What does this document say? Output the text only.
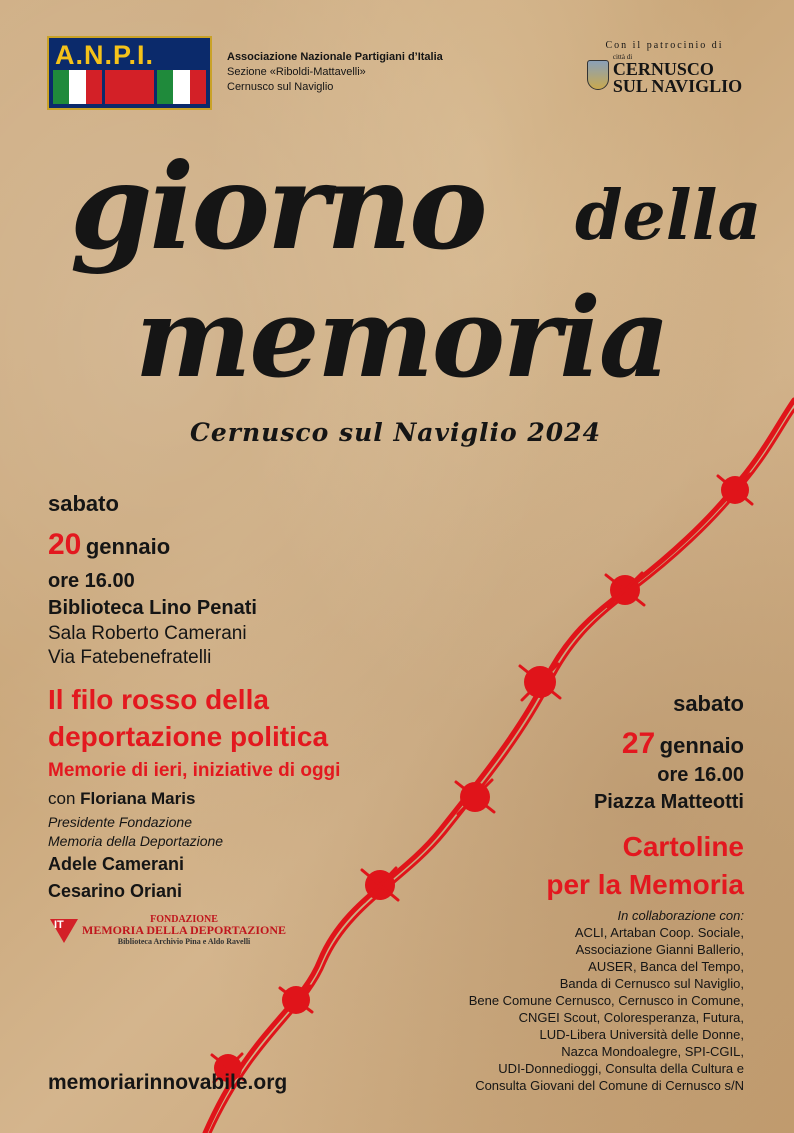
A.N.P.I.	Associazione Nazionale Partigiani d’Italia
Sezione «Riboldi-Mattavelli»
Cernusco sul Naviglio
Con il patrocinio di
città di
CERNUSCO
SUL NAVIGLIO
giorno della
memoria
Cernusco sul Naviglio 2024
sabato
20 gennaio
ore 16.00
Biblioteca Lino Penati
Sala Roberto Camerani
Via Fatebenefratelli
Il filo rosso della
deportazione politica
Memorie di ieri, iniziative di oggi
con Floriana Maris
Presidente Fondazione
Memoria della Deportazione
Adele Camerani
Cesarino Oriani
IT	FONDAZIONE
MEMORIA DELLA DEPORTAZIONE
Biblioteca Archivio Pina e Aldo Ravelli
memoriarinnovabile.org
sabato
27 gennaio
ore 16.00
Piazza Matteotti
Cartoline
per la Memoria
In collaborazione con:
ACLI, Artaban Coop. Sociale,
Associazione Gianni Ballerio,
AUSER, Banca del Tempo,
Banda di Cernusco sul Naviglio,
Bene Comune Cernusco, Cernusco in Comune,
CNGEI Scout, Coloresperanza, Futura,
LUD-Libera Università delle Donne,
Nazca Mondoalegre, SPI-CGIL,
UDI-Donnedioggi, Consulta della Cultura e
Consulta Giovani del Comune di Cernusco s/N
